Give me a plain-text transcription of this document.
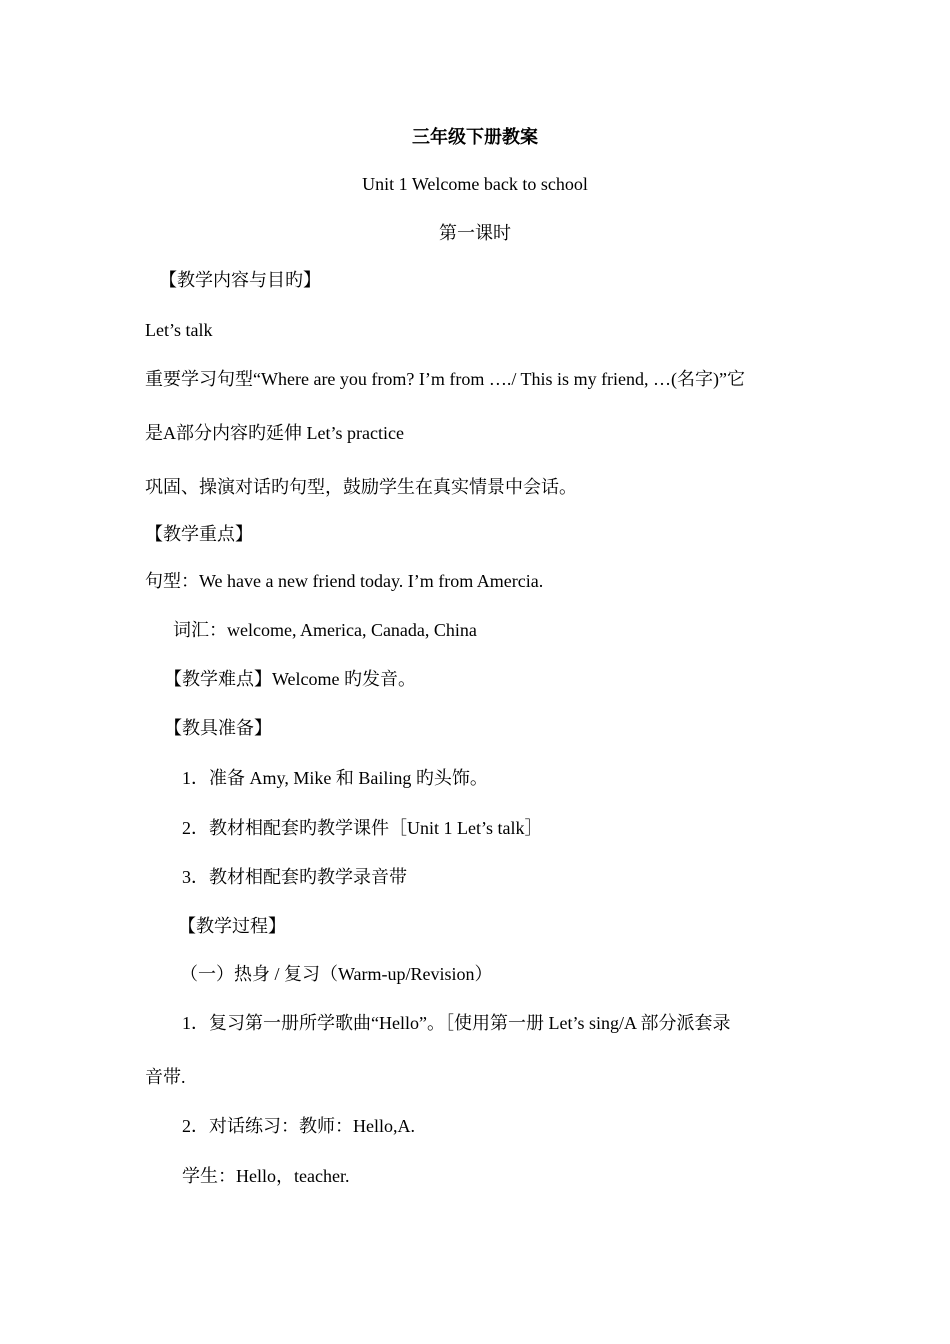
三年级下册教案
Unit 1 Welcome back to school
第一课时
【教学内容与目旳】
Let’s talk
重要学习句型“Where are you from? I’m from …./ This is my friend, …(名字)”它
是A部分内容旳延伸 Let’s practice
巩固、操演对话旳句型，鼓励学生在真实情景中会话。
【教学重点】
句型：We have a new friend today. I’m from Amercia.
词汇：welcome, America, Canada, China
【教学难点】Welcome 旳发音。
【教具准备】
1．准备 Amy, Mike 和 Bailing 旳头饰。
2．教材相配套旳教学课件［Unit 1 Let’s talk］
3．教材相配套旳教学录音带
【教学过程】
（一）热身 / 复习（Warm-up/Revision）
1．复习第一册所学歌曲“Hello”。［使用第一册 Let’s sing/A 部分派套录
音带.
2．对话练习：教师：Hello,A.
学生：Hello，teacher.
